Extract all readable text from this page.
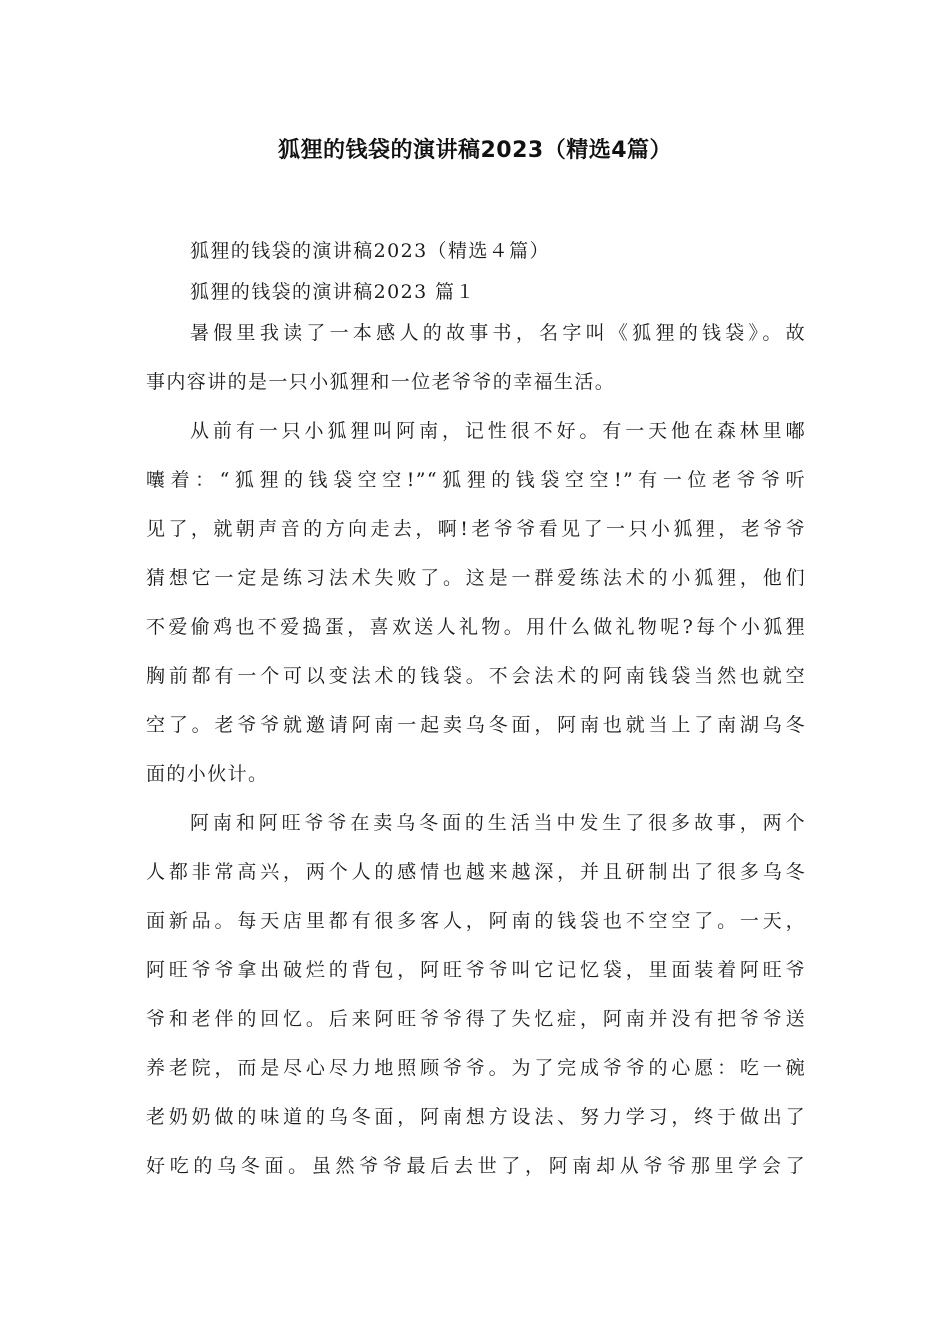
狐狸的钱袋的演讲稿2023（精选4篇）

狐狸的钱袋的演讲稿2023（精选４篇）

狐狸的钱袋的演讲稿2023 篇１

暑假里我读了一本感人的故事书，名字叫《狐狸的钱袋》。故

事内容讲的是一只小狐狸和一位老爷爷的幸福生活。

从前有一只小狐狸叫阿南，记性很不好。有一天他在森林里嘟

囔着：“狐狸的钱袋空空!”“狐狸的钱袋空空!”有一位老爷爷听

见了，就朝声音的方向走去，啊!老爷爷看见了一只小狐狸，老爷爷

猜想它一定是练习法术失败了。这是一群爱练法术的小狐狸，他们

不爱偷鸡也不爱捣蛋，喜欢送人礼物。用什么做礼物呢?每个小狐狸

胸前都有一个可以变法术的钱袋。不会法术的阿南钱袋当然也就空

空了。老爷爷就邀请阿南一起卖乌冬面，阿南也就当上了南湖乌冬

面的小伙计。

阿南和阿旺爷爷在卖乌冬面的生活当中发生了很多故事，两个

人都非常高兴，两个人的感情也越来越深，并且研制出了很多乌冬

面新品。每天店里都有很多客人，阿南的钱袋也不空空了。一天，

阿旺爷爷拿出破烂的背包，阿旺爷爷叫它记忆袋，里面装着阿旺爷

爷和老伴的回忆。后来阿旺爷爷得了失忆症，阿南并没有把爷爷送

养老院，而是尽心尽力地照顾爷爷。为了完成爷爷的心愿：吃一碗

老奶奶做的味道的乌冬面，阿南想方设法、努力学习，终于做出了

好吃的乌冬面。虽然爷爷最后去世了，阿南却从爷爷那里学会了
